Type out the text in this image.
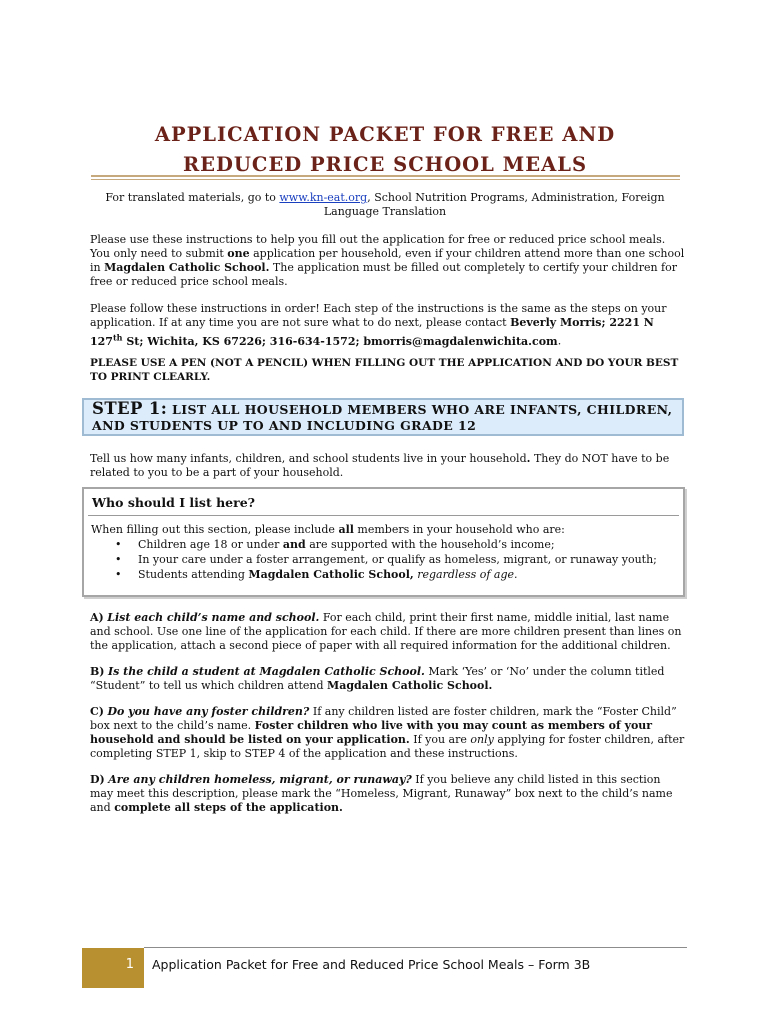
APPLICATION PACKET FOR FREE AND
REDUCED PRICE SCHOOL MEALS
For translated materials, go to www.kn-eat.org, School Nutrition Programs, Administration, Foreign
Language Translation

Please use these instructions to help you fill out the application for free or reduced price school meals. You only need to submit one application per household, even if your children attend more than one school in Magdalen Catholic School. The application must be filled out completely to certify your children for free or reduced price school meals.

Please follow these instructions in order! Each step of the instructions is the same as the steps on your application. If at any time you are not sure what to do next, please contact Beverly Morris; 2221 N 127th St; Wichita, KS 67226; 316-634-1572; bmorris@magdalenwichita.com.

PLEASE USE A PEN (NOT A PENCIL) WHEN FILLING OUT THE APPLICATION AND DO YOUR BEST TO PRINT CLEARLY.

STEP 1: LIST ALL HOUSEHOLD MEMBERS WHO ARE INFANTS, CHILDREN, AND STUDENTS UP TO AND INCLUDING GRADE 12

Tell us how many infants, children, and school students live in your household. They do NOT have to be related to you to be a part of your household.

Who should I list here?
When filling out this section, please include all members in your household who are:
• Children age 18 or under and are supported with the household’s income;
• In your care under a foster arrangement, or qualify as homeless, migrant, or runaway youth;
• Students attending Magdalen Catholic School, regardless of age.

A) List each child’s name and school. For each child, print their first name, middle initial, last name and school. Use one line of the application for each child. If there are more children present than lines on the application, attach a second piece of paper with all required information for the additional children.

B) Is the child a student at Magdalen Catholic School. Mark ‘Yes’ or ‘No’ under the column titled “Student” to tell us which children attend Magdalen Catholic School.

C) Do you have any foster children? If any children listed are foster children, mark the “Foster Child” box next to the child’s name. Foster children who live with you may count as members of your household and should be listed on your application. If you are only applying for foster children, after completing STEP 1, skip to STEP 4 of the application and these instructions.

D) Are any children homeless, migrant, or runaway? If you believe any child listed in this section may meet this description, please mark the “Homeless, Migrant, Runaway” box next to the child’s name and complete all steps of the application.

1	Application Packet for Free and Reduced Price School Meals – Form 3B
